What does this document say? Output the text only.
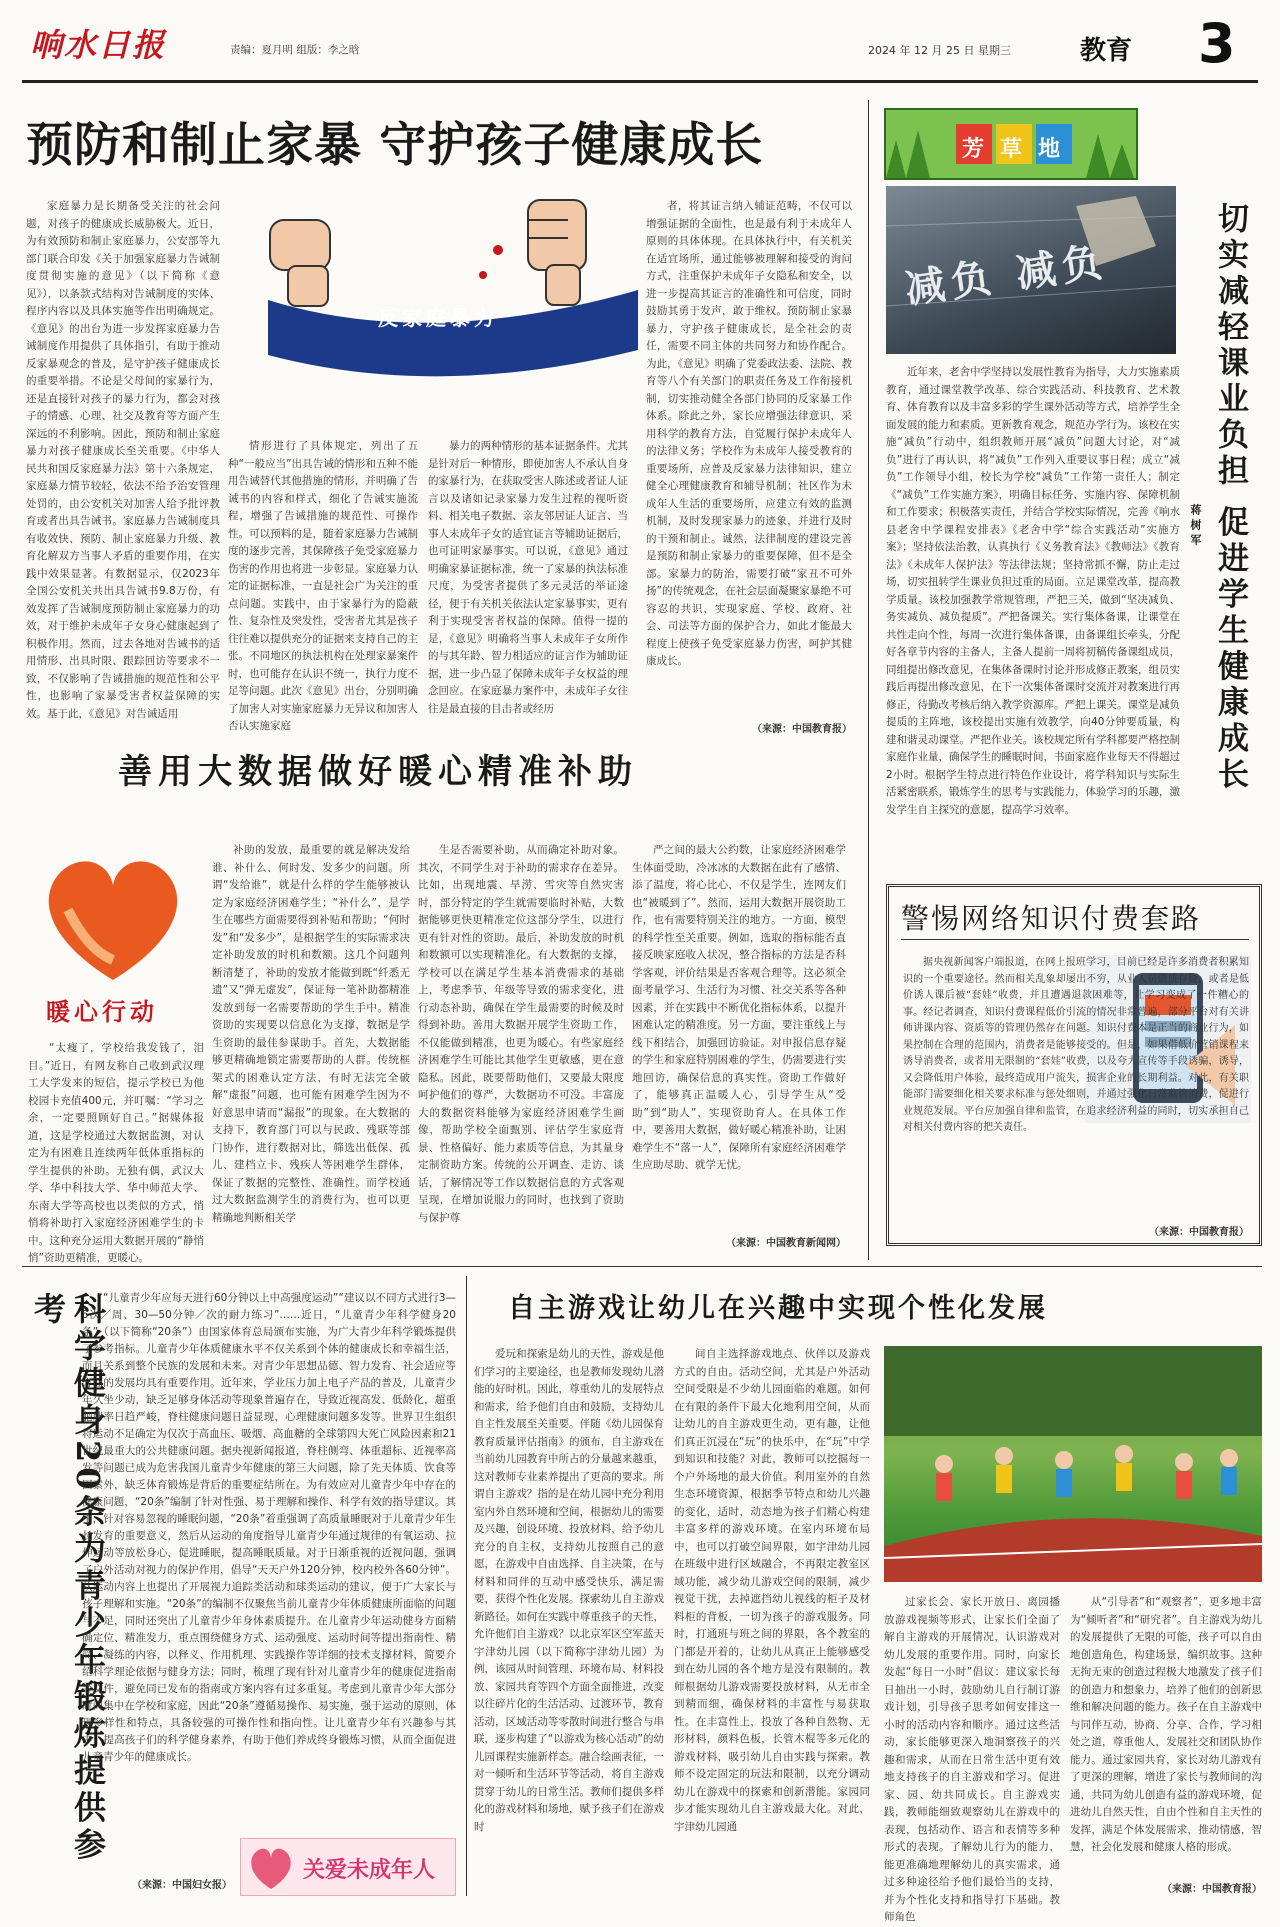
响水日报	责编：夏月明 组版：李之晗	2024 年 12 月 25 日 星期三	教育 3
预防和制止家暴 守护孩子健康成长
反家庭暴力
家庭暴力是长期备受关注的社会问题，对孩子的健康成长威胁极大。近日，为有效预防和制止家庭暴力，公安部等九部门联合印发《关于加强家庭暴力告诫制度贯彻实施的意见》（以下简称《意见》），以条款式结构对告诫制度的实体、程序内容以及具体实施等作出明确规定。《意见》的出台为进一步发挥家庭暴力告诫制度作用提供了具体指引，有助于推动反家暴观念的普及，是守护孩子健康成长的重要举措。不论是父母间的家暴行为，还是直接针对孩子的暴力行为，都会对孩子的情感、心理、社交及教育等方面产生深远的不利影响。因此，预防和制止家庭暴力对孩子健康成长至关重要。《中华人民共和国反家庭暴力法》第十六条规定，家庭暴力情节较轻，依法不给予治安管理处罚的，由公安机关对加害人给予批评教育或者出具告诫书。家庭暴力告诫制度具有收效快、预防、制止家庭暴力升级、教育化解双方当事人矛盾的重要作用，在实践中效果显著。有数据显示，仅2023年全国公安机关共出具告诫书9.8万份，有效发挥了告诫制度预防制止家庭暴力的功效，对于维护未成年子女身心健康起到了积极作用。然而，过去各地对告诫书的适用情形、出具时限、跟踪回访等要求不一致，不仅影响了告诫措施的规范性和公平性，也影响了家暴受害者权益保障的实效。基于此，《意见》对告诫适用
情形进行了具体规定，列出了五种“一般应当”出具告诫的情形和五种不能用告诫替代其他措施的情形，并明确了告诫书的内容和样式，细化了告诫实施流程，增强了告诫措施的规范性、可操作性。可以预料的是，随着家庭暴力告诫制度的逐步完善，其保障孩子免受家庭暴力伤害的作用也将进一步彰显。家庭暴力认定的证据标准，一直是社会广为关注的重点问题。实践中，由于家暴行为的隐蔽性、复杂性及突发性，受害者尤其是孩子往往难以提供充分的证据来支持自己的主张。不同地区的执法机构在处理家暴案件时，也可能存在认识不统一，执行力度不足等问题。此次《意见》出台，分别明确了加害人对实施家庭暴力无异议和加害人否认实施家庭
暴力的两种情形的基本证据条件。尤其是针对后一种情形，即使加害人不承认自身的家暴行为，在获取受害人陈述或者证人证言以及诸如记录家暴力发生过程的视听资料、相关电子数据、亲友邻居证人证言、当事人未成年子女的适宜证言等辅助证据后，也可证明家暴事实。可以说，《意见》通过明确家暴证据标准，统一了家暴的执法标准尺度，为受害者提供了多元灵活的举证途径，便于有关机关依法认定家暴事实，更有利于实现受害者权益的保障。值得一提的是，《意见》明确将当事人未成年子女所作的与其年龄、智力相适应的证言作为辅助证据，进一步凸显了保障未成年子女权益的理念回应。在家庭暴力案件中，未成年子女往往是最直接的目击者或经历
者，将其证言纳入辅证范畴，不仅可以增强证据的全面性，也是最有利于未成年人原则的具体体现。在具体执行中，有关机关在适宜场所，通过能够被理解和接受的询问方式，注重保护未成年子女隐私和安全，以进一步提高其证言的准确性和可信度，同时鼓励其勇于发声，敢于维权。预防制止家暴暴力，守护孩子健康成长，是全社会的责任，需要不同主体的共同努力和协作配合。为此，《意见》明确了党委政法委、法院、教育等八个有关部门的职责任务及工作衔接机制，切实推动健全各部门协同的反家暴工作体系。除此之外，家长应增强法律意识，采用科学的教育方法，自觉履行保护未成年人的法律义务；学校作为未成年人接受教育的重要场所，应普及反家暴力法律知识，建立健全心理健康教育和辅导机制；社区作为未成年人生活的重要场所，应建立有效的监测机制，及时发现家暴力的迹象，并进行及时的干预和制止。诚然，法律制度的建设完善是预防和制止家暴力的重要保障，但不是全部。家暴力的防治，需要打破“家丑不可外扬”的传统观念，在社会层面凝聚家暴绝不可容忍的共识，实现家庭、学校、政府、社会、司法等方面的保护合力，如此才能最大程度上使孩子免受家庭暴力伤害，呵护其健康成长。
（来源：中国教育报）
芳草地
减负 减负	切实减轻课业负担 促进学生健康成长
蒋 树 军
近年来，老舍中学坚持以发展性教育为指导，大力实施素质教育，通过课堂教学改革、综合实践活动、科技教育、艺术教育、体育教育以及丰富多彩的学生课外活动等方式，培养学生全面发展的能力和素质。更新教育观念，规范办学行为。该校在实施“减负”行动中，组织教师开展“减负”问题大讨论，对“减负”进行了再认识，将“减负”工作列入重要议事日程；成立“减负”工作领导小组，校长为学校“减负”工作第一责任人；制定《“减负”工作实施方案》，明确目标任务、实施内容、保障机制和工作要求；积极落实责任，并结合学校实际情况，完善《响水县老舍中学课程安排表》《老舍中学“综合实践活动”实施方案》；坚持依法治教，认真执行《义务教育法》《教师法》《教育法》《未成年人保护法》等法律法规；坚持常抓不懈，防止走过场，切实扭转学生课业负担过重的局面。立足课堂改革，提高教学质量。该校加强教学常规管理，严把三关，做到“坚决减负、务实减负、减负提质”。严把备课关。实行集体备课，让课堂在共性走向个性，每周一次进行集体备课，由备课组长牵头，分配好各章节内容的主备人，主备人提前一周将初稿传备课组成员，同组提出修改意见，在集体备课时讨论并形成修正教案，组员实践后再提出修改意见，在下一次集体备课时交流并对教案进行再修正，待勤改考核后纳入教学资源库。严把上课关。课堂是减负提质的主阵地，该校提出实施有效教学，向40分钟要质量，构建和谐灵动课堂。严把作业关。该校规定所有学科都要严格控制家庭作业量，确保学生的睡眠时间，书面家庭作业每天不得超过2小时。根据学生特点进行特色作业设计，将学科知识与实际生活紧密联系，锻炼学生的思考与实践能力，体验学习的乐趣，激发学生自主探究的意愿，提高学习效率。
善用大数据做好暖心精准补助
暖心行动
“太瘦了，学校给我发钱了，泪目。”近日，有网友称自己收到武汉理工大学发来的短信，提示学校已为他校园卡充值400元，并叮嘱：“学习之余，一定要照顾好自己。”据媒体报道，这是学校通过大数据监测，对认定为有困难且连续两年低体重指标的学生提供的补助。无独有偶，武汉大学、华中科技大学、华中师范大学、东南大学等高校也以类似的方式，悄悄将补助打入家庭经济困难学生的卡中。这种充分运用大数据开展的“静悄悄”资助更精准，更暖心。
补助的发放，最重要的就是解决发给谁、补什么、何时发、发多少的问题。所谓“发给谁”，就是什么样的学生能够被认定为家庭经济困难学生；“补什么”，是学生在哪些方面需要得到补贴和帮助；“何时发”和“发多少”，是根据学生的实际需求决定补助发放的时机和数额。这几个问题判断清楚了，补助的发放才能做到既“纤悉无遗”又“弹无虚发”，保证每一笔补助都精准发放到每一名需要帮助的学生手中。精准资助的实现要以信息化为支撑，数据是学生资助的最佳参谋助手。首先，大数据能够更精确地锁定需要帮助的人群。传统框架式的困难认定方法，有时无法完全破解“虚报”问题，也可能有困难学生因为不好意思申请而“漏报”的现象。在大数据的支持下，教育部门可以与民政、残联等部门协作，进行数据对比，筛选出低保、孤儿、建档立卡、残疾人等困难学生群体，保证了数据的完整性、准确性。而学校通过大数据监测学生的消费行为，也可以更精确地判断相关学
生是否需要补助，从而确定补助对象。其次，不同学生对于补助的需求存在差异。比如，出现地震、旱涝、雪灾等自然灾害时，部分特定的学生就需要临时补贴，大数据能够更快更精准定位这部分学生，以进行更有针对性的资助。最后，补助发放的时机和数额可以实现精准化。有大数据的支撑，学校可以在满足学生基本消费需求的基础上，考虑季节、年级等导致的需求变化，进行动态补助，确保在学生最需要的时候及时得到补助。善用大数据开展学生资助工作，不仅能做到精准，也更为暖心。有些家庭经济困难学生可能比其他学生更敏感，更在意隐私。因此，既要帮助他们，又要最大限度呵护他们的尊严，大数据功不可没。丰富庞大的数据资料能够为家庭经济困难学生画像，帮助学校全面甄别、评估学生家庭背景、性格偏好、能力素质等信息，为其量身定制资助方案。传统的公开调查、走访、谈话，了解情况等工作以数据信息的方式客观呈现，在增加说服力的同时，也找到了资助与保护尊
严之间的最大公约数，让家庭经济困难学生体面受助，冷冰冰的大数据在此有了感情、添了温度，将心比心，不仅是学生，连网友们也“被暖到了”。然而，运用大数据开展资助工作，也有需要特别关注的地方。一方面，模型的科学性至关重要。例如，选取的指标能否直接反映家庭收入状况，整合指标的方法是否科学客观，评价结果是否客观合理等。这必须全面考量学习、生活行为习惯、社交关系等各种因素，并在实践中不断优化指标体系，以提升困难认定的精准度。另一方面，要注重线上与线下相结合，加强回访验证。对申报信息存疑的学生和家庭特别困难的学生，仍需要进行实地回访，确保信息的真实性。资助工作做好了，能够真正温暖人心，引导学生从“受助”到“助人”，实现资助育人。在具体工作中，要善用大数据，做好暖心精准补助，让困难学生不“落一人”，保障所有家庭经济困难学生应助尽助、就学无忧。
（来源：中国教育新闻网）
警惕网络知识付费套路
据央视新闻客户端报道，在网上报班学习，目前已经是许多消费者积累知识的一个重要途径。然而相关乱象却屡出不穷，从业人员资质存疑，或者是低价诱人课后被“套娃”收费，并且遭遇退款困难等，让学习变成了一件糟心的事。经记者调查，知识付费课程低价引流的情况非常普遍，部分平台对有关讲师讲课内容、资质等的管理仍然存在问题。知识付费本是正当的商业行为，如果控制在合理的范围内，消费者是能够接受的。但是，如果借低价营销课程来诱导消费者，或者用无限制的“套娃”收费，以及夸大宣传等手段诱骗，诱导，又会降低用户体验，最终造成用户流失，损害企业的长期利益。对此，有关职能部门需要细化相关要求标准与惩处细则，并通过强化日常监管消费，促进行业规范发展。平台应加强自律和监管，在追求经济利益的同时，切实承担自己对相关付费内容的把关责任。
（来源：中国教育报）
科学健身20条为青少年锻炼提供参考	“儿童青少年应每天进行60分钟以上中高强度运动”“建议以不同方式进行3—5次／周、30—50分钟／次的耐力练习”……近日，“儿童青少年科学健身20条”（以下简称“20条”）由国家体育总局颁布实施，为广大青少年科学锻炼提供了参考指标。儿童青少年体质健康水平不仅关系到个体的健康成长和幸福生活，而且关系到整个民族的发展和未来。对青少年思想品德、智力发育、社会适应等方面的发展均具有重要作用。近年来，学业压力加上电子产品的普及，儿童青少年久坐少动，缺乏足够身体活动等现象普遍存在，导致近视高发、低龄化，超重肥胖率日趋严峻，脊柱健康问题日益显现，心理健康问题多发等。世界卫生组织将运动不足确定为仅次于高血压、吸烟、高血糖的全球第四大死亡风险因素和21世纪最重大的公共健康问题。据央视新闻报道，脊柱侧弯、体重超标、近视率高发等问题已成为危害我国儿童青少年健康的第三大问题，除了先天体质、饮食等因素外，缺乏体育锻炼是背后的重要症结所在。为有效应对儿童青少年中存在的健康问题，“20条”编制了针对性强、易于理解和操作、科学有效的指导建议。其中，针对容易忽视的睡眠问题，“20条”着重强调了高质量睡眠对于儿童青少年生长发育的重要意义，然后从运动的角度指导儿童青少年通过规律的有氧运动、拉伸运动等放松身心，促进睡眠，提高睡眠质量。对于日渐重视的近视问题，强调了户外活动对视力的保护作用，倡导“天天户外120分钟，校内校外各60分钟”。从运动内容上也提出了开展视力追踪类活动和球类运动的建议，便于广大家长与孩子理解和实施。“20条”的编制不仅聚焦当前儿童青少年体质健康所面临的问题与不足，同时还突出了儿童青少年身体素质提升。在儿童青少年运动健身方面精确定位、精准发力，重点围绕健身方式、运动强度、运动时间等提出指南性、精简、凝练的内容，以释义、作用机理、实践操作等详细的技术支撑材料，简要介绍科学理论依据与健身方法；同时，梳理了现有针对儿童青少年的健康促进指南等文件，避免同已发布的指南或方案内容有过多重复。考虑到儿童青少年大部分时间集中在学校和家庭，因此“20条”遵循易操作、易实施，强于运动的原则，体现多样性和特点，具备较强的可操作性和指向性。让儿童青少年有兴趣参与其中，提高孩子们的科学健身素养，有助于他们养成终身锻炼习惯，从而全面促进儿童青少年的健康成长。
关爱未成年人
（来源：中国妇女报）
自主游戏让幼儿在兴趣中实现个性化发展
爱玩和探索是幼儿的天性，游戏是他们学习的主要途径，也是教师发现幼儿潜能的好时机。因此，尊重幼儿的发展特点和需求，给予他们自由和鼓励，支持幼儿自主性发展至关重要。伴随《幼儿园保育教育质量评估指南》的颁布，自主游戏在当前幼儿园教育中所占的分量越来越重，这对教师专业素养提出了更高的要求。所谓自主游戏？指的是在幼儿园中充分利用室内外自然环境和空间，根据幼儿的需要及兴趣，创设环境、投放材料，给予幼儿充分的自主权，支持幼儿按照自己的意愿，在游戏中自由选择、自主决策，在与材料和同伴的互动中感受快乐，满足需要，获得个性化发展。探索幼儿自主游戏新路径。如何在实践中尊重孩子的天性，允许他们自主游戏？以北京军区空军蓝天宇津幼儿园（以下简称宇津幼儿园）为例，该园从时间管理、环境布局、材料投放、家园共育等四个方面全面推进，改变以往碎片化的生活活动、过渡环节，教育活动，区域活动等零散时间进行整合与串联，逐步构建了“以游戏为核心活动”的幼儿园课程实施新样态。融合绘画表征，一对一倾听和生活环节等活动，将自主游戏贯穿于幼儿的日常生活。教师们提供多样化的游戏材料和场地，赋予孩子们在游戏时
间自主选择游戏地点、伙伴以及游戏方式的自由。活动空间，尤其是户外活动空间受限是不少幼儿园面临的难题。如何在有限的条件下最大化地利用空间，从而让幼儿的自主游戏更生动，更有趣，让他们真正沉浸在“玩”的快乐中，在“玩”中学到知识和技能？对此，教师可以挖掘每一个户外场地的最大价值。利用室外的自然生态环境资源，根据季节特点和幼儿兴趣的变化，适时，动态地为孩子们精心构建丰富多样的游戏环境。在室内环境布局中，也可以打破空间界限，如宇津幼儿园在班级中进行区域融合，不再限定教室区域功能，减少幼儿游戏空间的限制，减少视觉干扰，去掉遮挡幼儿视线的柜子及材料柜的背板，一切为孩子的游戏服务。同时，打通班与班之间的界限，各个教室的门都是开着的，让幼儿从真正上能够感受到在幼儿园的各个地方是没有限制的。教师根据幼儿游戏需要投放材料，从无市全到精而细，确保材料的丰富性与易获取性。在丰富性上，投放了各种自然物、无形材料，颜料色板，长管木棍等多元化的游戏材料，吸引幼儿自由实践与探索。教师不设定固定的玩法和限制，以充分调动幼儿在游戏中的探索和创新潜能。家园同步才能实现幼儿自主游戏最大化。对此，宇津幼儿园通
过家长会、家长开放日、离园播放游戏视频等形式，让家长们全面了解自主游戏的开展情况，认识游戏对幼儿发展的重要作用。同时，向家长发起“每日一小时”倡议：建议家长每日抽出一小时，鼓励幼儿自行制订游戏计划，引导孩子思考如何安排这一小时的活动内容和顺序。通过这些活动，家长能够更深入地洞察孩子的兴趣和需求，从而在日常生活中更有效地支持孩子的自主游戏和学习。促进家、园、幼共同成长。自主游戏实践，教师能细致观察幼儿在游戏中的表现，包括动作、语言和表情等多种形式的表现。了解幼儿行为的能力，能更准确地理解幼儿的真实需求，通过多种途径给予他们最恰当的支持，并为个性化支持和指导打下基础。教师角色
从“引导者”和“观察者”，更多地丰富为“倾听者”和“研究者”。自主游戏为幼儿的发展提供了无限的可能，孩子可以自由地创造角色，构建场景，编织故事。这种无拘无束的创造过程极大地激发了孩子们的创造力和想象力，培养了他们的创新思维和解决问题的能力。孩子在自主游戏中与同伴互动，协商、分享、合作，学习相处之道，尊重他人，发展社交和团队协作能力。通过家园共育，家长对幼儿游戏有了更深的理解，增进了家长与教师间的沟通，共同为幼儿创造有益的游戏环境，促进幼儿自然天性，自由个性和自主天性的发挥，满足个体发展需求，推动情感，智慧，社会化发展和健康人格的形成。
（来源：中国教育报）
